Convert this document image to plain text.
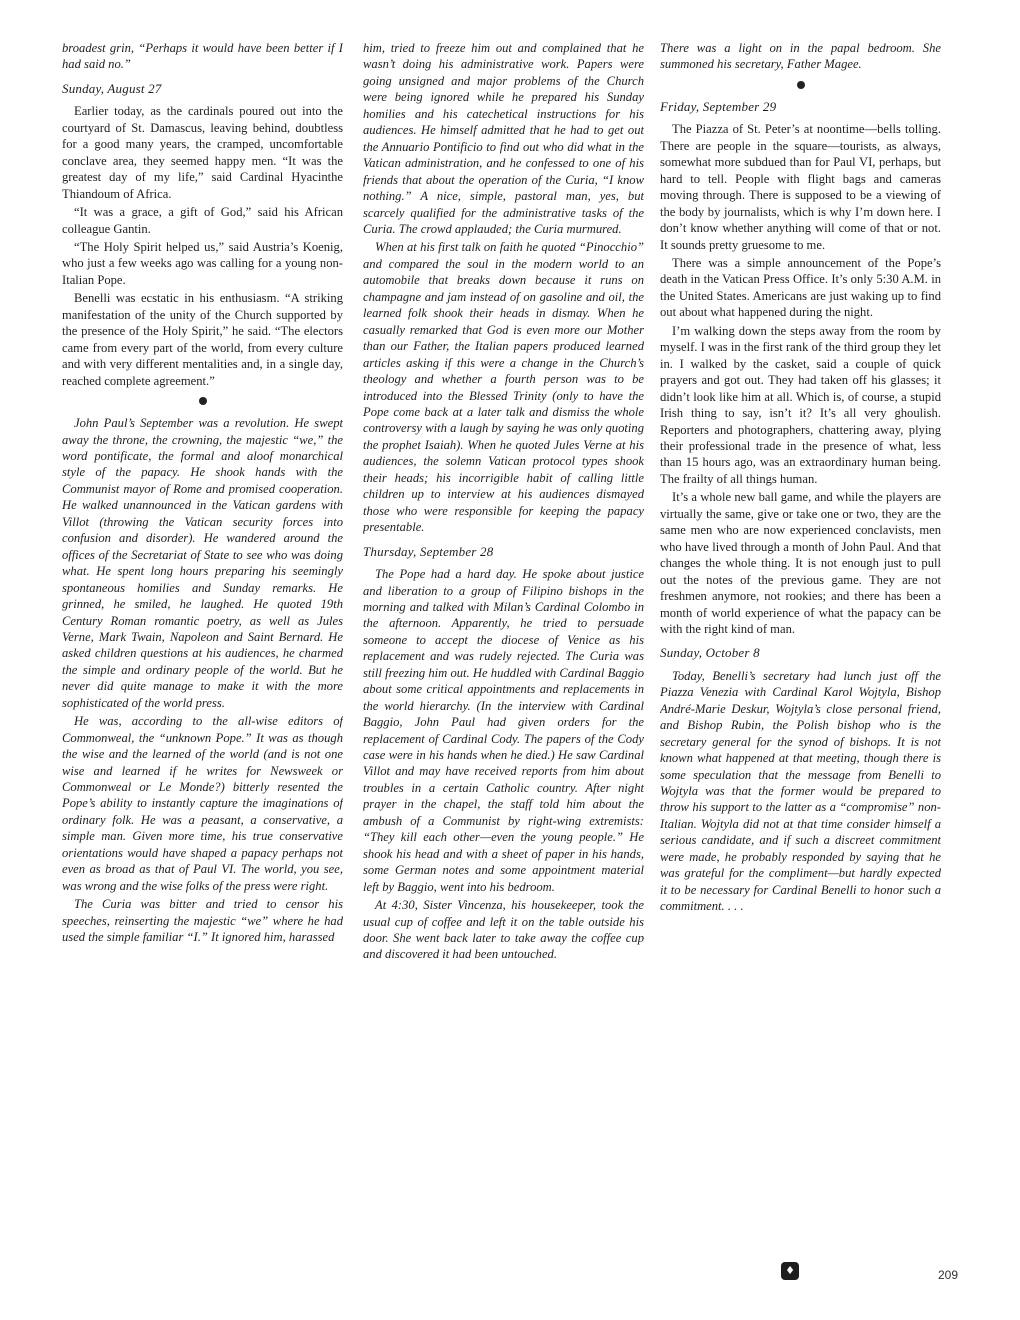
broadest grin, “Perhaps it would have been better if I had said no.”

Sunday, August 27

Earlier today, as the cardinals poured out into the courtyard of St. Damascus, leaving behind, doubtless for a good many years, the cramped, uncomfortable conclave area, they seemed happy men. “It was the greatest day of my life,” said Cardinal Hyacinthe Thiandoum of Africa.

“It was a grace, a gift of God,” said his African colleague Gantin.

“The Holy Spirit helped us,” said Austria’s Koenig, who just a few weeks ago was calling for a young non-Italian Pope.

Benelli was ecstatic in his enthusiasm. “A striking manifestation of the unity of the Church supported by the presence of the Holy Spirit,” he said. “The electors came from every part of the world, from every culture and with very different mentalities and, in a single day, reached complete agreement.”

John Paul’s September was a revolution. He swept away the throne, the crowning, the majestic “we,” the word pontificate, the formal and aloof monarchical style of the papacy. He shook hands with the Communist mayor of Rome and promised cooperation. He walked unannounced in the Vatican gardens with Villot (throwing the Vatican security forces into confusion and disorder). He wandered around the offices of the Secretariat of State to see who was doing what. He spent long hours preparing his seemingly spontaneous homilies and Sunday remarks. He grinned, he smiled, he laughed. He quoted 19th Century Roman romantic poetry, as well as Jules Verne, Mark Twain, Napoleon and Saint Bernard. He asked children questions at his audiences, he charmed the simple and ordinary people of the world. But he never did quite manage to make it with the more sophisticated of the world press.

He was, according to the all-wise editors of Commonweal, the “unknown Pope.” It was as though the wise and the learned of the world (and is not one wise and learned if he writes for Newsweek or Commonweal or Le Monde?) bitterly resented the Pope’s ability to instantly capture the imaginations of ordinary folk. He was a peasant, a conservative, a simple man. Given more time, his true conservative orientations would have shaped a papacy perhaps not even as broad as that of Paul VI. The world, you see, was wrong and the wise folks of the press were right.

The Curia was bitter and tried to censor his speeches, reinserting the majestic “we” where he had used the simple familiar “I.” It ignored him, harassed

him, tried to freeze him out and complained that he wasn’t doing his administrative work. Papers were going unsigned and major problems of the Church were being ignored while he prepared his Sunday homilies and his catechetical instructions for his audiences. He himself admitted that he had to get out the Annuario Pontificio to find out who did what in the Vatican administration, and he confessed to one of his friends that about the operation of the Curia, “I know nothing.” A nice, simple, pastoral man, yes, but scarcely qualified for the administrative tasks of the Curia. The crowd applauded; the Curia murmured.

When at his first talk on faith he quoted “Pinocchio” and compared the soul in the modern world to an automobile that breaks down because it runs on champagne and jam instead of on gasoline and oil, the learned folk shook their heads in dismay. When he casually remarked that God is even more our Mother than our Father, the Italian papers produced learned articles asking if this were a change in the Church’s theology and whether a fourth person was to be introduced into the Blessed Trinity (only to have the Pope come back at a later talk and dismiss the whole controversy with a laugh by saying he was only quoting the prophet Isaiah). When he quoted Jules Verne at his audiences, the solemn Vatican protocol types shook their heads; his incorrigible habit of calling little children up to interview at his audiences dismayed those who were responsible for keeping the papacy presentable.

Thursday, September 28

The Pope had a hard day. He spoke about justice and liberation to a group of Filipino bishops in the morning and talked with Milan’s Cardinal Colombo in the afternoon. Apparently, he tried to persuade someone to accept the diocese of Venice as his replacement and was rudely rejected. The Curia was still freezing him out. He huddled with Cardinal Baggio about some critical appointments and replacements in the world hierarchy. (In the interview with Cardinal Baggio, John Paul had given orders for the replacement of Cardinal Cody. The papers of the Cody case were in his hands when he died.) He saw Cardinal Villot and may have received reports from him about troubles in a certain Catholic country. After night prayer in the chapel, the staff told him about the ambush of a Communist by right-wing extremists: “They kill each other—even the young people.” He shook his head and with a sheet of paper in his hands, some German notes and some appointment material left by Baggio, went into his bedroom.

At 4:30, Sister Vincenza, his housekeeper, took the usual cup of coffee and left it on the table outside his door. She went back later to take away the coffee cup and discovered it had been untouched.

There was a light on in the papal bedroom. She summoned his secretary, Father Magee.

Friday, September 29

The Piazza of St. Peter’s at noontime—bells tolling. There are people in the square—tourists, as always, somewhat more subdued than for Paul VI, perhaps, but hard to tell. People with flight bags and cameras moving through. There is supposed to be a viewing of the body by journalists, which is why I’m down here. I don’t know whether anything will come of that or not. It sounds pretty gruesome to me.

There was a simple announcement of the Pope’s death in the Vatican Press Office. It’s only 5:30 A.M. in the United States. Americans are just waking up to find out about what happened during the night.

I’m walking down the steps away from the room by myself. I was in the first rank of the third group they let in. I walked by the casket, said a couple of quick prayers and got out. They had taken off his glasses; it didn’t look like him at all. Which is, of course, a stupid Irish thing to say, isn’t it? It’s all very ghoulish. Reporters and photographers, chattering away, plying their professional trade in the presence of what, less than 15 hours ago, was an extraordinary human being. The frailty of all things human.

It’s a whole new ball game, and while the players are virtually the same, give or take one or two, they are the same men who are now experienced conclavists, men who have lived through a month of John Paul. And that changes the whole thing. It is not enough just to pull out the notes of the previous game. They are not freshmen anymore, not rookies; and there has been a month of world experience of what the papacy can be with the right kind of man.

Sunday, October 8

Today, Benelli’s secretary had lunch just off the Piazza Venezia with Cardinal Karol Wojtyla, Bishop André-Marie Deskur, Wojtyla’s close personal friend, and Bishop Rubin, the Polish bishop who is the secretary general for the synod of bishops. It is not known what happened at that meeting, though there is some speculation that the message from Benelli to Wojtyla was that the former would be prepared to throw his support to the latter as a “compromise” non-Italian. Wojtyla did not at that time consider himself a serious candidate, and if such a discreet commitment were made, he probably responded by saying that he was grateful for the compliment—but hardly expected it to be necessary for Cardinal Benelli to honor such a commitment. . . .

♦	209
